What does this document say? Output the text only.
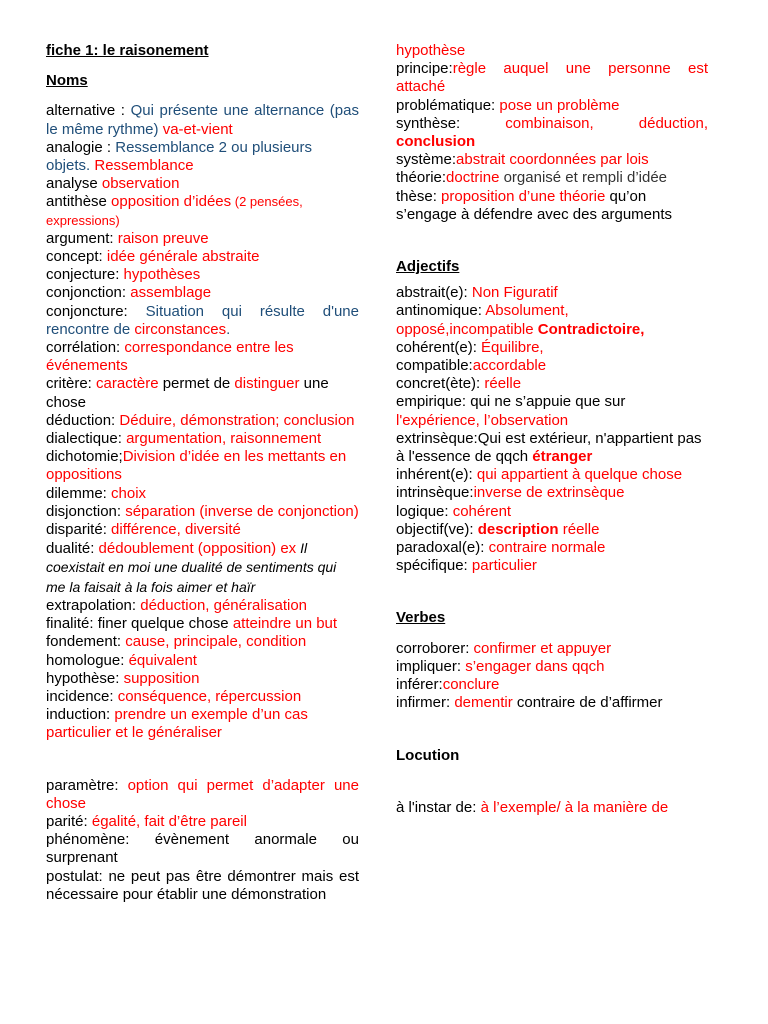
fiche 1: le raisonement
Noms
alternative : Qui présente une alternance (pas le même rythme) va-et-vient
analogie : Ressemblance 2 ou plusieurs objets. Ressemblance
analyse observation
antithèse opposition d’idées (2 pensées, expressions)
argument: raison preuve
concept: idée générale abstraite
conjecture: hypothèses
conjonction: assemblage
conjoncture: Situation qui résulte d'une rencontre de circonstances.
corrélation: correspondance entre les événements
critère: caractère permet de distinguer une chose
déduction: Déduire, démonstration; conclusion
dialectique: argumentation, raisonnement
dichotomie;Division d’idée en les mettants en oppositions
dilemme: choix
disjonction: séparation (inverse de conjonction)
disparité: différence, diversité
dualité: dédoublement (opposition) ex Il coexistait en moi une dualité de sentiments qui me la faisait à la fois aimer et haïr
extrapolation: déduction, généralisation
finalité: finer quelque chose atteindre un but
fondement: cause, principale, condition
homologue: équivalent
hypothèse: supposition
incidence: conséquence, répercussion
induction: prendre un exemple d’un cas particulier et le généraliser
paramètre: option qui permet d’adapter une chose
parité: égalité, fait d’être pareil
phénomène: évènement anormale ou surprenant
postulat: ne peut pas être démontrer mais est nécessaire pour établir une démonstration
hypothèse
principe:règle auquel une personne est attaché
problématique: pose un problème
synthèse: combinaison, déduction, conclusion
système:abstrait coordonnées par lois
théorie:doctrine organisé et rempli d’idée
thèse: proposition d’une théorie qu’on s’engage à défendre avec des arguments
Adjectifs
abstrait(e): Non Figuratif
antinomique: Absolument, opposé,incompatible Contradictoire,
cohérent(e): Équilibre,
compatible:accordable
concret(ète): réelle
empirique: qui ne s’appuie que sur l'expérience, l’observation
extrinsèque:Qui est extérieur, n'appartient pas à l'essence de qqch étranger
inhérent(e): qui appartient à quelque chose
intrinsèque:inverse de extrinsèque
logique: cohérent
objectif(ve): description réelle
paradoxal(e): contraire normale
spécifique: particulier
Verbes
corroborer: confirmer et appuyer
impliquer: s’engager dans qqch
inférer:conclure
infirmer: dementir contraire de d’affirmer
Locution
à l'instar de: à l’exemple/ à la manière de
